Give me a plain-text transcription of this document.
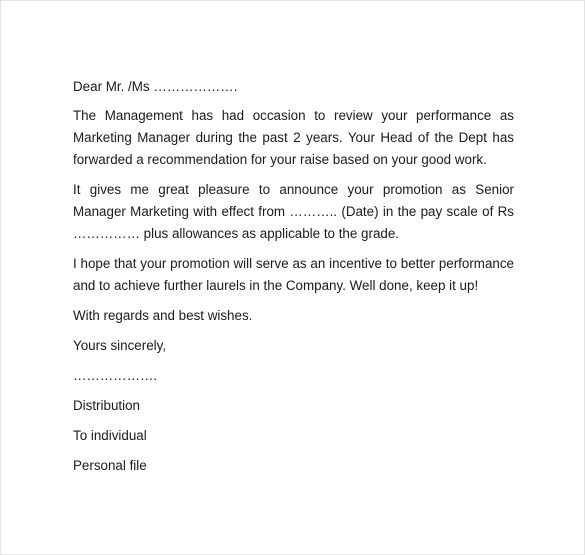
Dear Mr. /Ms ……………….

The Management has had occasion to review your performance as Marketing Manager during the past 2 years. Your Head of the Dept has forwarded a recommendation for your raise based on your good work.

It gives me great pleasure to announce your promotion as Senior Manager Marketing with effect from ……….. (Date) in the pay scale of Rs …………… plus allowances as applicable to the grade.

I hope that your promotion will serve as an incentive to better performance and to achieve further laurels in the Company. Well done, keep it up!

With regards and best wishes.

Yours sincerely,

……………….

Distribution

To individual

Personal file
